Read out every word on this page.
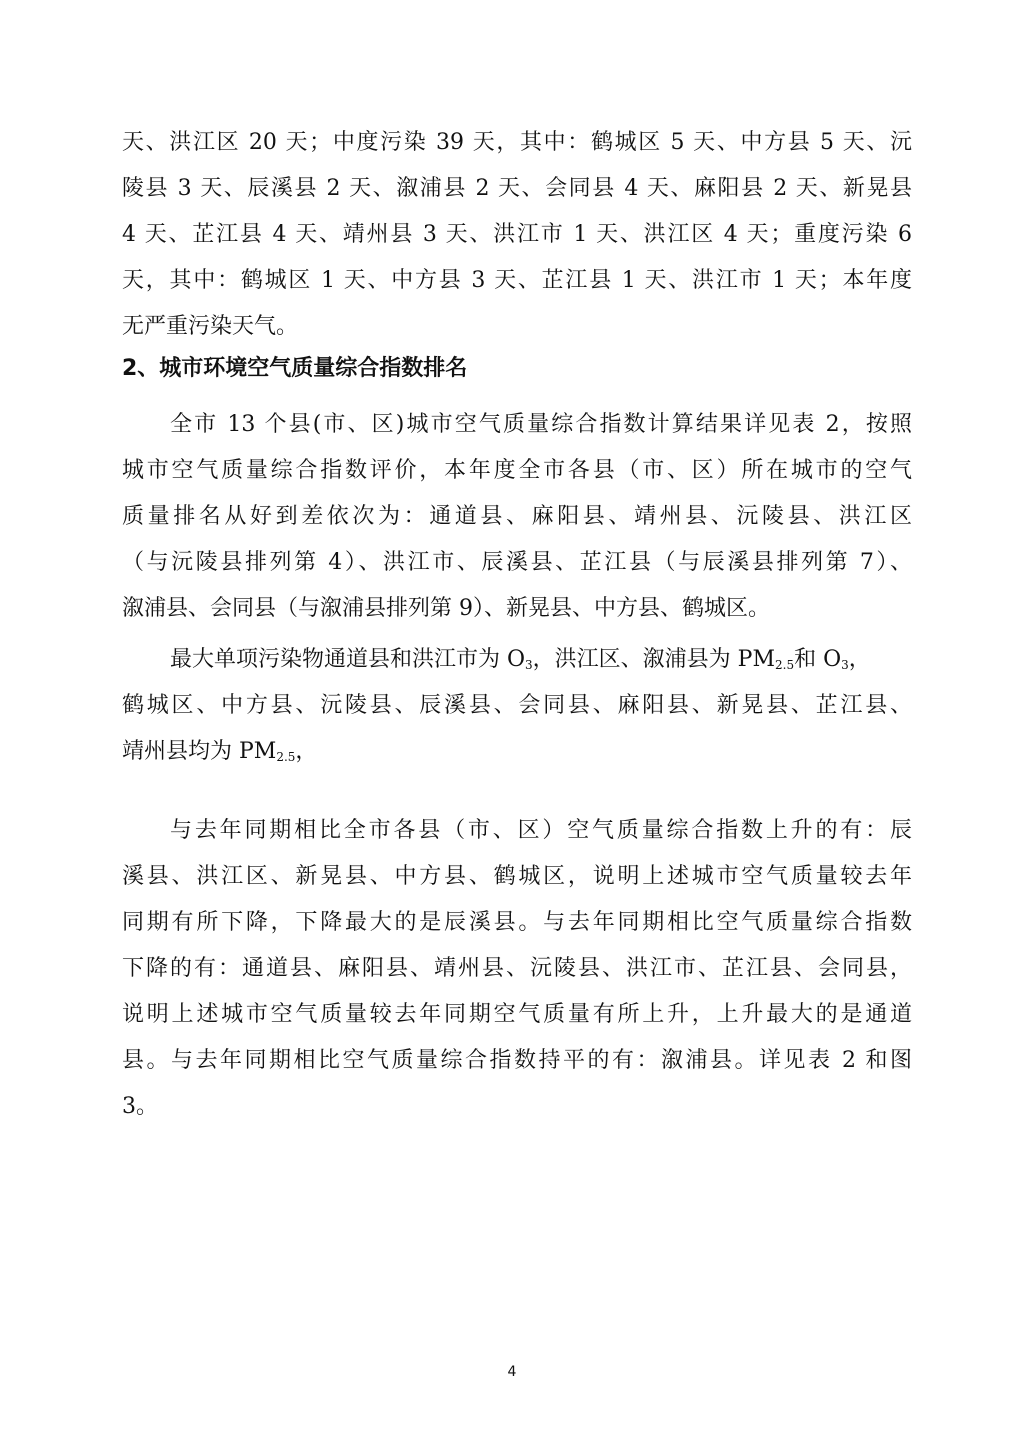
天、洪江区 20 天；中度污染 39 天，其中：鹤城区 5 天、中方县 5 天、沅
陵县 3 天、辰溪县 2 天、溆浦县 2 天、会同县 4 天、麻阳县 2 天、新晃县
4 天、芷江县 4 天、靖州县 3 天、洪江市 1 天、洪江区 4 天；重度污染 6
天，其中：鹤城区 1 天、中方县 3 天、芷江县 1 天、洪江市 1 天；本年度
无严重污染天气。
2、城市环境空气质量综合指数排名
全市 13 个县(市、区)城市空气质量综合指数计算结果详见表 2，按照
城市空气质量综合指数评价，本年度全市各县（市、区）所在城市的空气
质量排名从好到差依次为：通道县、麻阳县、靖州县、沅陵县、洪江区
（与沅陵县排列第 4）、洪江市、辰溪县、芷江县（与辰溪县排列第 7）、
溆浦县、会同县（与溆浦县排列第 9）、新晃县、中方县、鹤城区。
最大单项污染物通道县和洪江市为 $O_3$，洪江区、溆浦县为 $PM_{2.5}$和 $O_3$，
鹤城区、中方县、沅陵县、辰溪县、会同县、麻阳县、新晃县、芷江县、
靖州县均为 $PM_{2.5}$，
与去年同期相比全市各县（市、区）空气质量综合指数上升的有：辰
溪县、洪江区、新晃县、中方县、鹤城区，说明上述城市空气质量较去年
同期有所下降，下降最大的是辰溪县。与去年同期相比空气质量综合指数
下降的有：通道县、麻阳县、靖州县、沅陵县、洪江市、芷江县、会同县，
说明上述城市空气质量较去年同期空气质量有所上升，上升最大的是通道
县。与去年同期相比空气质量综合指数持平的有：溆浦县。详见表 2 和图
3。
4
